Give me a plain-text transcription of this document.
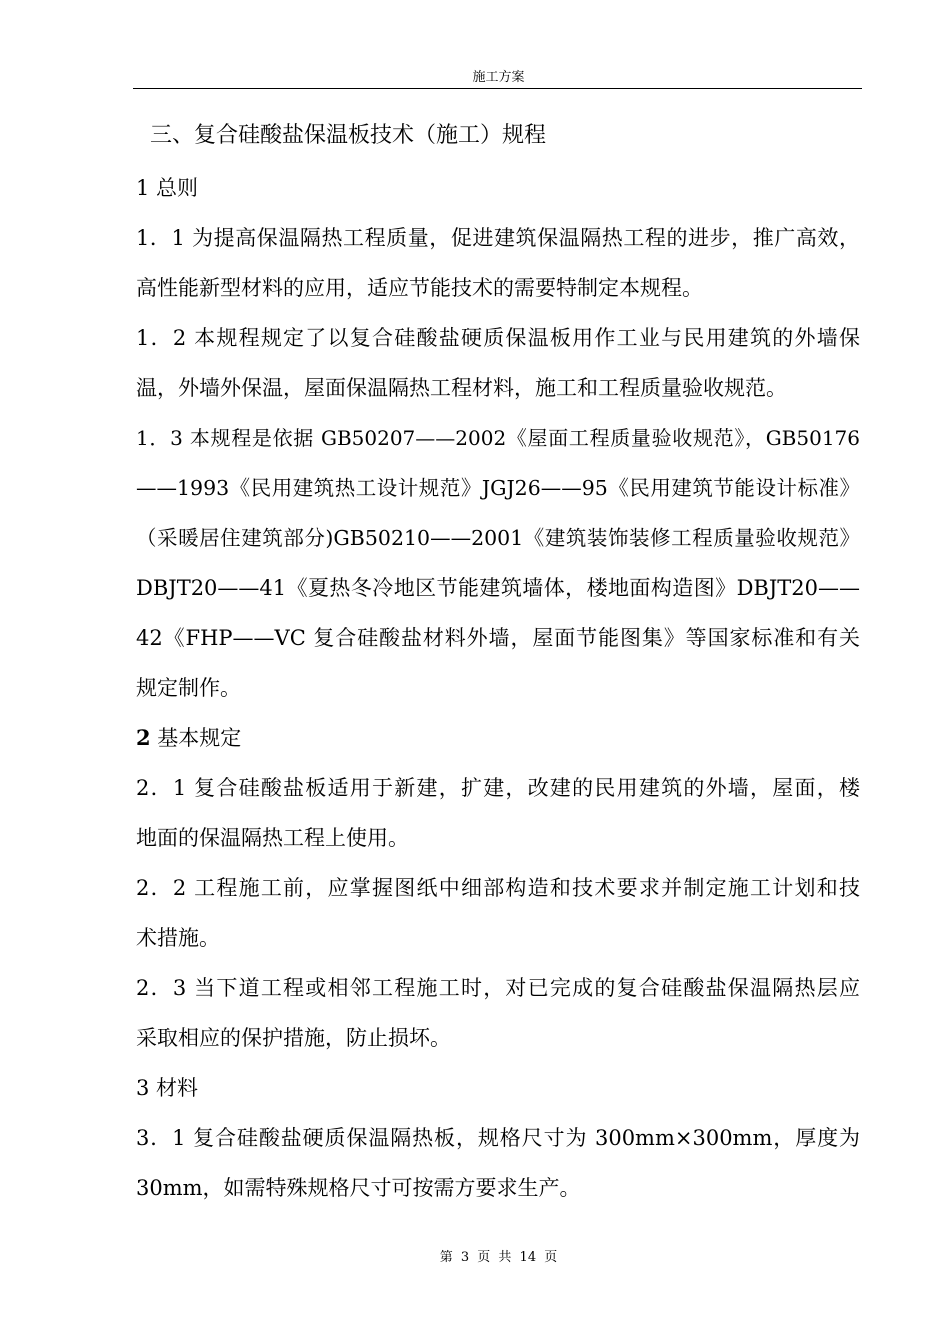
施工方案
三、复合硅酸盐保温板技术（施工）规程
1 总则
1．1 为提高保温隔热工程质量，促进建筑保温隔热工程的进步，推广高效，
高性能新型材料的应用，适应节能技术的需要特制定本规程。
1．2 本规程规定了以复合硅酸盐硬质保温板用作工业与民用建筑的外墙保
温，外墙外保温，屋面保温隔热工程材料，施工和工程质量验收规范。
1．3 本规程是依据 GB50207——2002《屋面工程质量验收规范》，GB50176
——1993《民用建筑热工设计规范》JGJ26——95《民用建筑节能设计标准》
（采暖居住建筑部分)GB50210——2001《建筑装饰装修工程质量验收规范》
DBJT20——41《夏热冬冷地区节能建筑墙体，楼地面构造图》DBJT20——
42《FHP——VC 复合硅酸盐材料外墙，屋面节能图集》等国家标准和有关
规定制作。
2 基本规定
2．1 复合硅酸盐板适用于新建，扩建，改建的民用建筑的外墙，屋面，楼
地面的保温隔热工程上使用。
2．2 工程施工前，应掌握图纸中细部构造和技术要求并制定施工计划和技
术措施。
2．3 当下道工程或相邻工程施工时，对已完成的复合硅酸盐保温隔热层应
采取相应的保护措施，防止损坏。
3 材料
3．1 复合硅酸盐硬质保温隔热板，规格尺寸为 300mm×300mm，厚度为
30mm，如需特殊规格尺寸可按需方要求生产。
第 3 页 共 14 页
